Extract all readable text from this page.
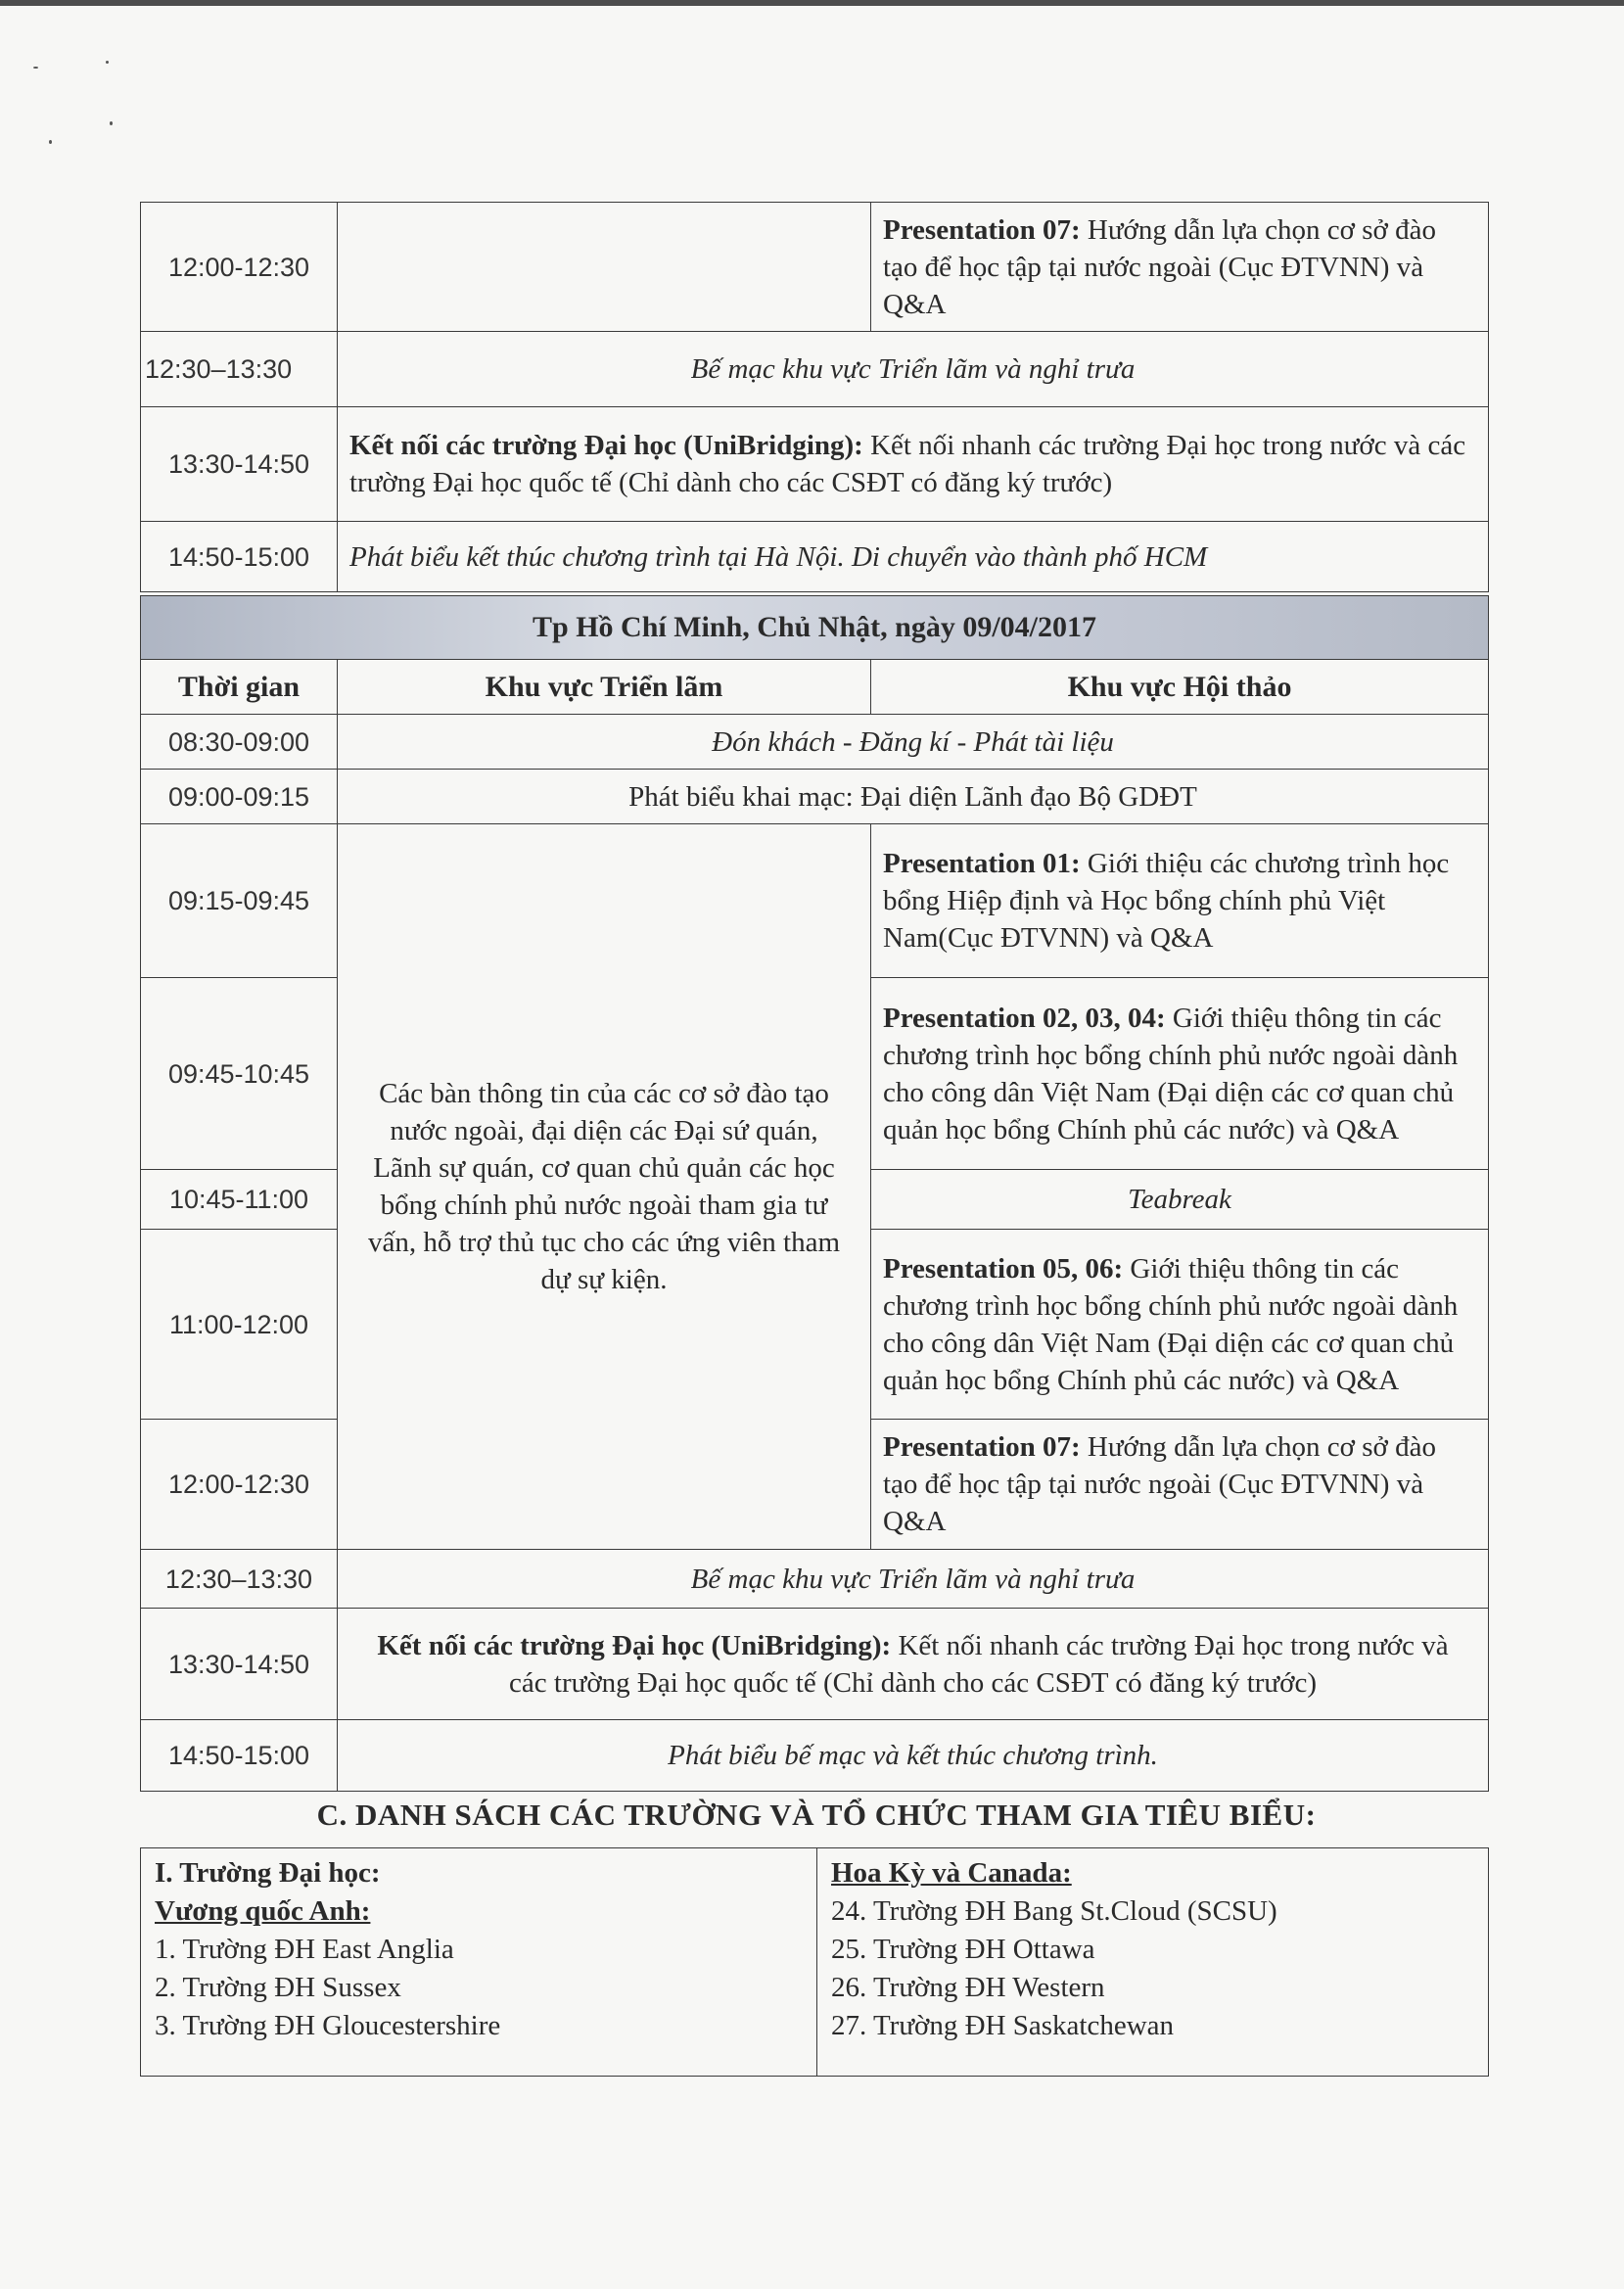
12:00-12:30		Presentation 07: Hướng dẫn lựa chọn cơ sở đào tạo để học tập tại nước ngoài (Cục ĐTVNN) và Q&A
12:30–13:30	Bế mạc khu vực Triển lãm và nghỉ trưa	
13:30-14:50	Kết nối các trường Đại học (UniBridging): Kết nối nhanh các trường Đại học trong nước và các trường Đại học quốc tế (Chỉ dành cho các CSĐT có đăng ký trước)	
14:50-15:00	Phát biểu kết thúc chương trình tại Hà Nội. Di chuyển vào thành phố HCM	
Tp Hồ Chí Minh, Chủ Nhật, ngày 09/04/2017		
Thời gian	Khu vực Triển lãm	Khu vực Hội thảo
08:30-09:00	Đón khách - Đăng kí - Phát tài liệu	
09:00-09:15	Phát biểu khai mạc: Đại diện Lãnh đạo Bộ GDĐT	
09:15-09:45	Các bàn thông tin của các cơ sở đào tạo nước ngoài, đại diện các Đại sứ quán, Lãnh sự quán, cơ quan chủ quản các học bổng chính phủ nước ngoài tham gia tư vấn, hỗ trợ thủ tục cho các ứng viên tham dự sự kiện.	Presentation 01: Giới thiệu các chương trình học bổng Hiệp định và Học bổng chính phủ Việt Nam(Cục ĐTVNN) và Q&A
09:45-10:45		Presentation 02, 03, 04: Giới thiệu thông tin các chương trình học bổng chính phủ nước ngoài dành cho công dân Việt Nam (Đại diện các cơ quan chủ quản học bổng Chính phủ các nước) và Q&A
10:45-11:00		Teabreak
11:00-12:00		Presentation 05, 06: Giới thiệu thông tin các chương trình học bổng chính phủ nước ngoài dành cho công dân Việt Nam (Đại diện các cơ quan chủ quản học bổng Chính phủ các nước) và Q&A
12:00-12:30		Presentation 07: Hướng dẫn lựa chọn cơ sở đào tạo để học tập tại nước ngoài (Cục ĐTVNN) và Q&A
12:30–13:30	Bế mạc khu vực Triển lãm và nghỉ trưa	
13:30-14:50	Kết nối các trường Đại học (UniBridging): Kết nối nhanh các trường Đại học trong nước và các trường Đại học quốc tế (Chỉ dành cho các CSĐT có đăng ký trước)	
14:50-15:00	Phát biểu bế mạc và kết thúc chương trình.	
C. DANH SÁCH CÁC TRƯỜNG VÀ TỔ CHỨC THAM GIA TIÊU BIỂU:
I. Trường Đại học:
Vương quốc Anh:
1. Trường ĐH East Anglia
2. Trường ĐH Sussex
3. Trường ĐH Gloucestershire

Hoa Kỳ và Canada:
24. Trường ĐH Bang St.Cloud (SCSU)
25. Trường ĐH Ottawa
26. Trường ĐH Western
27. Trường ĐH Saskatchewan
